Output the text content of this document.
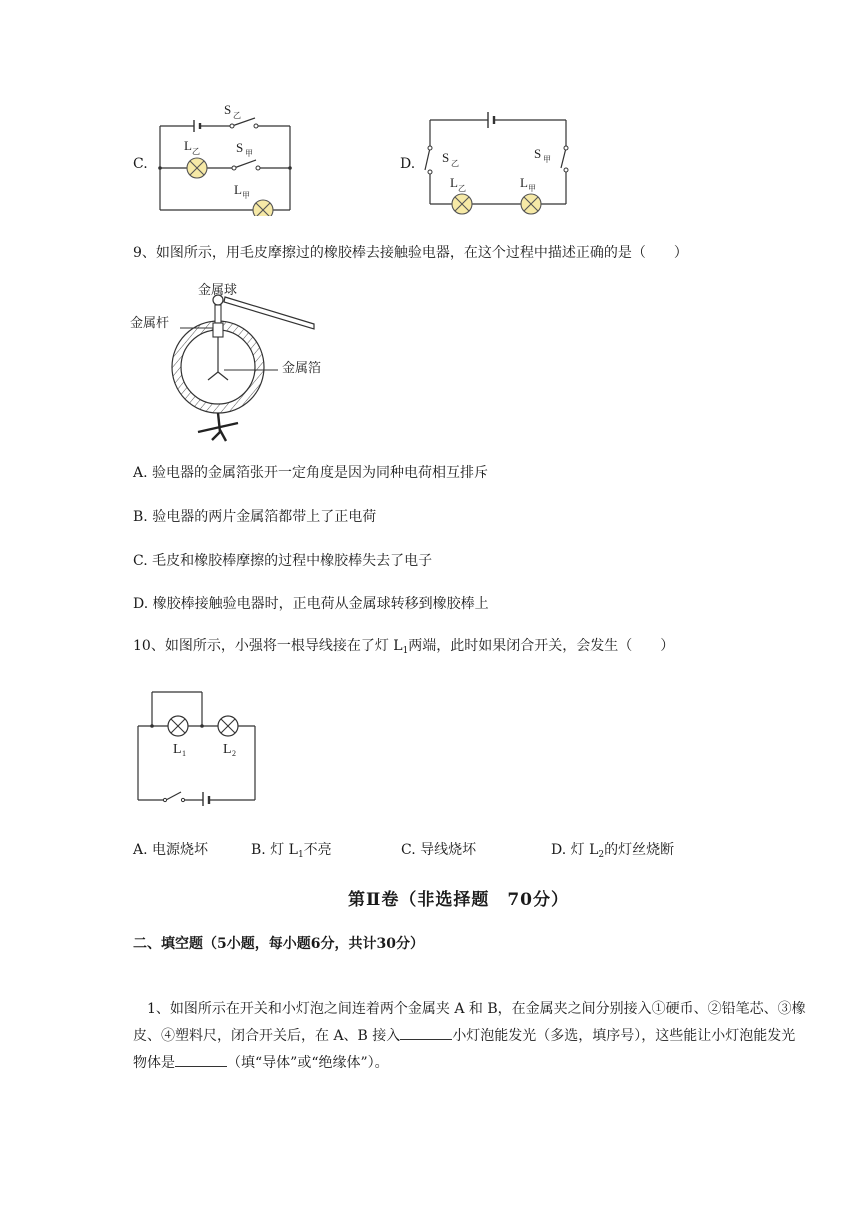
C.
S 乙
S 甲
L 乙
L 甲
D. S 乙
S 甲
L 乙	L 甲
9、如图所示，用毛皮摩擦过的橡胶棒去接触验电器，在这个过程中描述正确的是（　　）
金属球
金属杆
金属箔
A. 验电器的金属箔张开一定角度是因为同种电荷相互排斥
B. 验电器的两片金属箔都带上了正电荷
C. 毛皮和橡胶棒摩擦的过程中橡胶棒失去了电子
D. 橡胶棒接触验电器时，正电荷从金属球转移到橡胶棒上
10、如图所示，小强将一根导线接在了灯 $L_1$两端，此时如果闭合开关，会发生（　　）
L 1	L 2
A. 电源烧坏	B. 灯 $L_1$不亮	C. 导线烧坏	D. 灯 $L_2$的灯丝烧断
第Ⅱ卷（非选择题　70分）
二、填空题（5小题，每小题6分，共计30分）
1、如图所示在开关和小灯泡之间连着两个金属夹 A 和 B，在金属夹之间分别接入①硬币、②铅笔芯、③橡皮、④塑料尺，闭合开关后，在 A、B 接入	小灯泡能发光（多选，填序号），这些能让小灯泡能发光物体是	（填“导体”或“绝缘体”）。
